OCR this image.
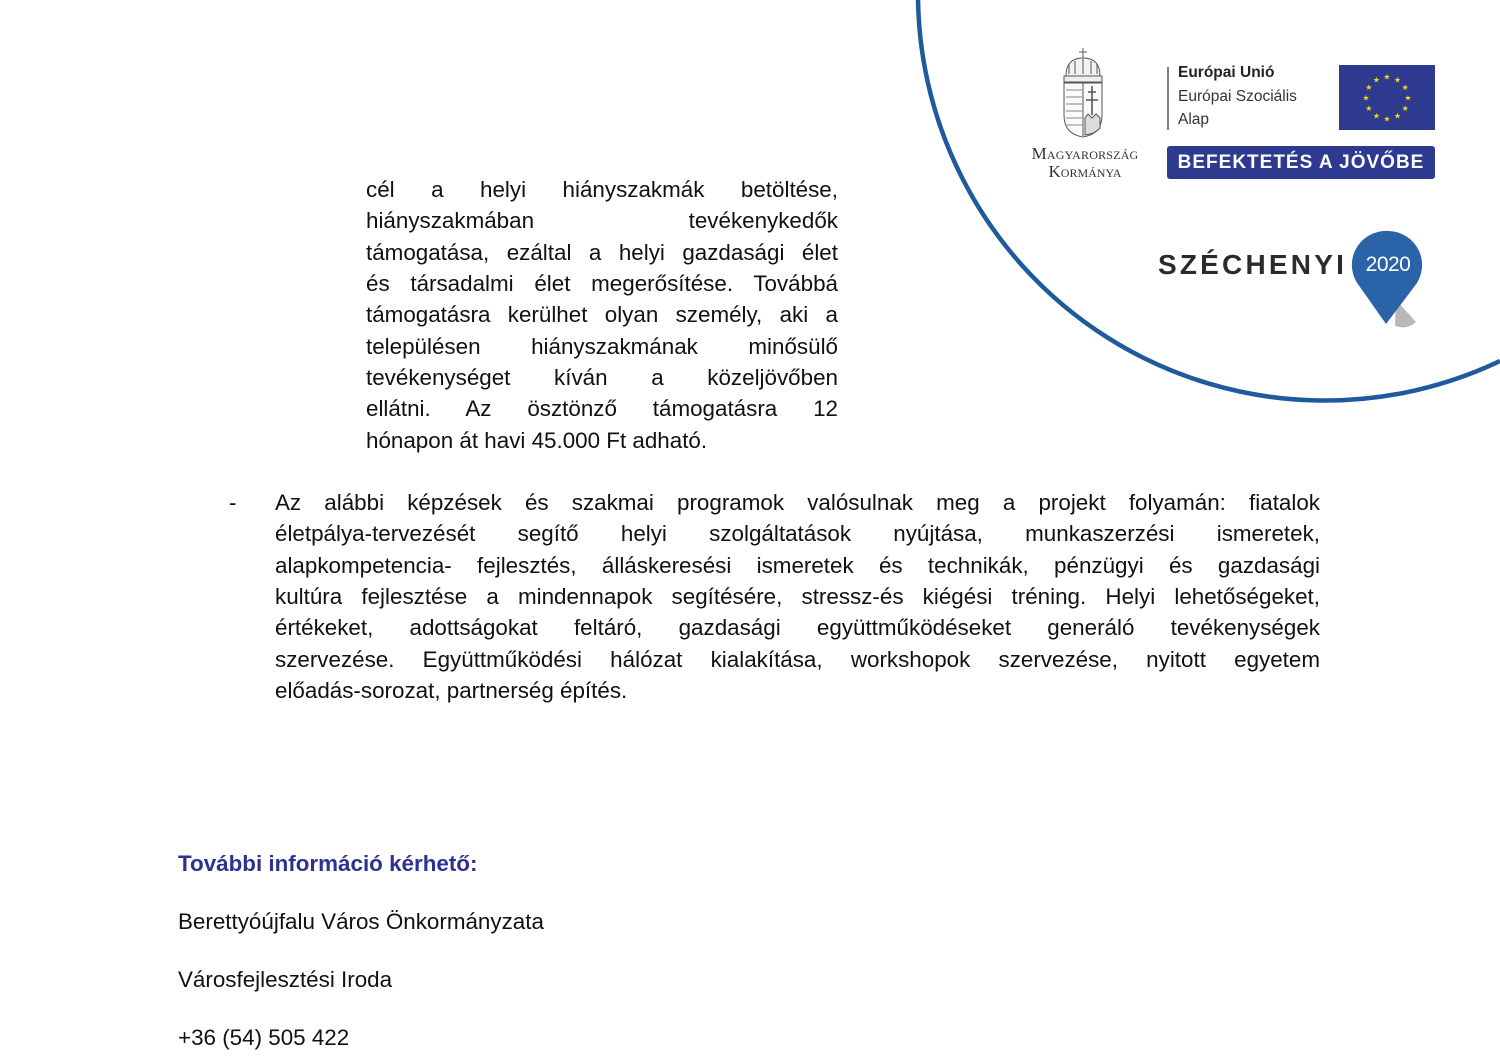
★ ★
★
★
★
★
★
★
★
★
★
★
Magyarország
Kormánya
Európai Unió
Európai Szociális
Alap
BEFEKTETÉS A JÖVŐBE
SZÉCHENYI 2020
cél a helyi hiányszakmák betöltése,
hiányszakmában tevékenykedők
támogatása, ezáltal a helyi gazdasági élet
és társadalmi élet megerősítése. Továbbá
támogatásra kerülhet olyan személy, aki a
településen hiányszakmának minősülő
tevékenységet kíván a közeljövőben
ellátni. Az ösztönző támogatásra 12
hónapon át havi 45.000 Ft adható.
- Az alábbi képzések és szakmai programok valósulnak meg a projekt folyamán: fiatalok
életpálya-tervezését segítő helyi szolgáltatások nyújtása, munkaszerzési ismeretek,
alapkompetencia- fejlesztés, álláskeresési ismeretek és technikák, pénzügyi és gazdasági
kultúra fejlesztése a mindennapok segítésére, stressz-és kiégési tréning. Helyi lehetőségeket,
értékeket, adottságokat feltáró, gazdasági együttműködéseket generáló tevékenységek
szervezése. Együttműködési hálózat kialakítása, workshopok szervezése, nyitott egyetem
előadás-sorozat, partnerség építés.
További információ kérhető:
Berettyóújfalu Város Önkormányzata
Városfejlesztési Iroda
+36 (54) 505 422
